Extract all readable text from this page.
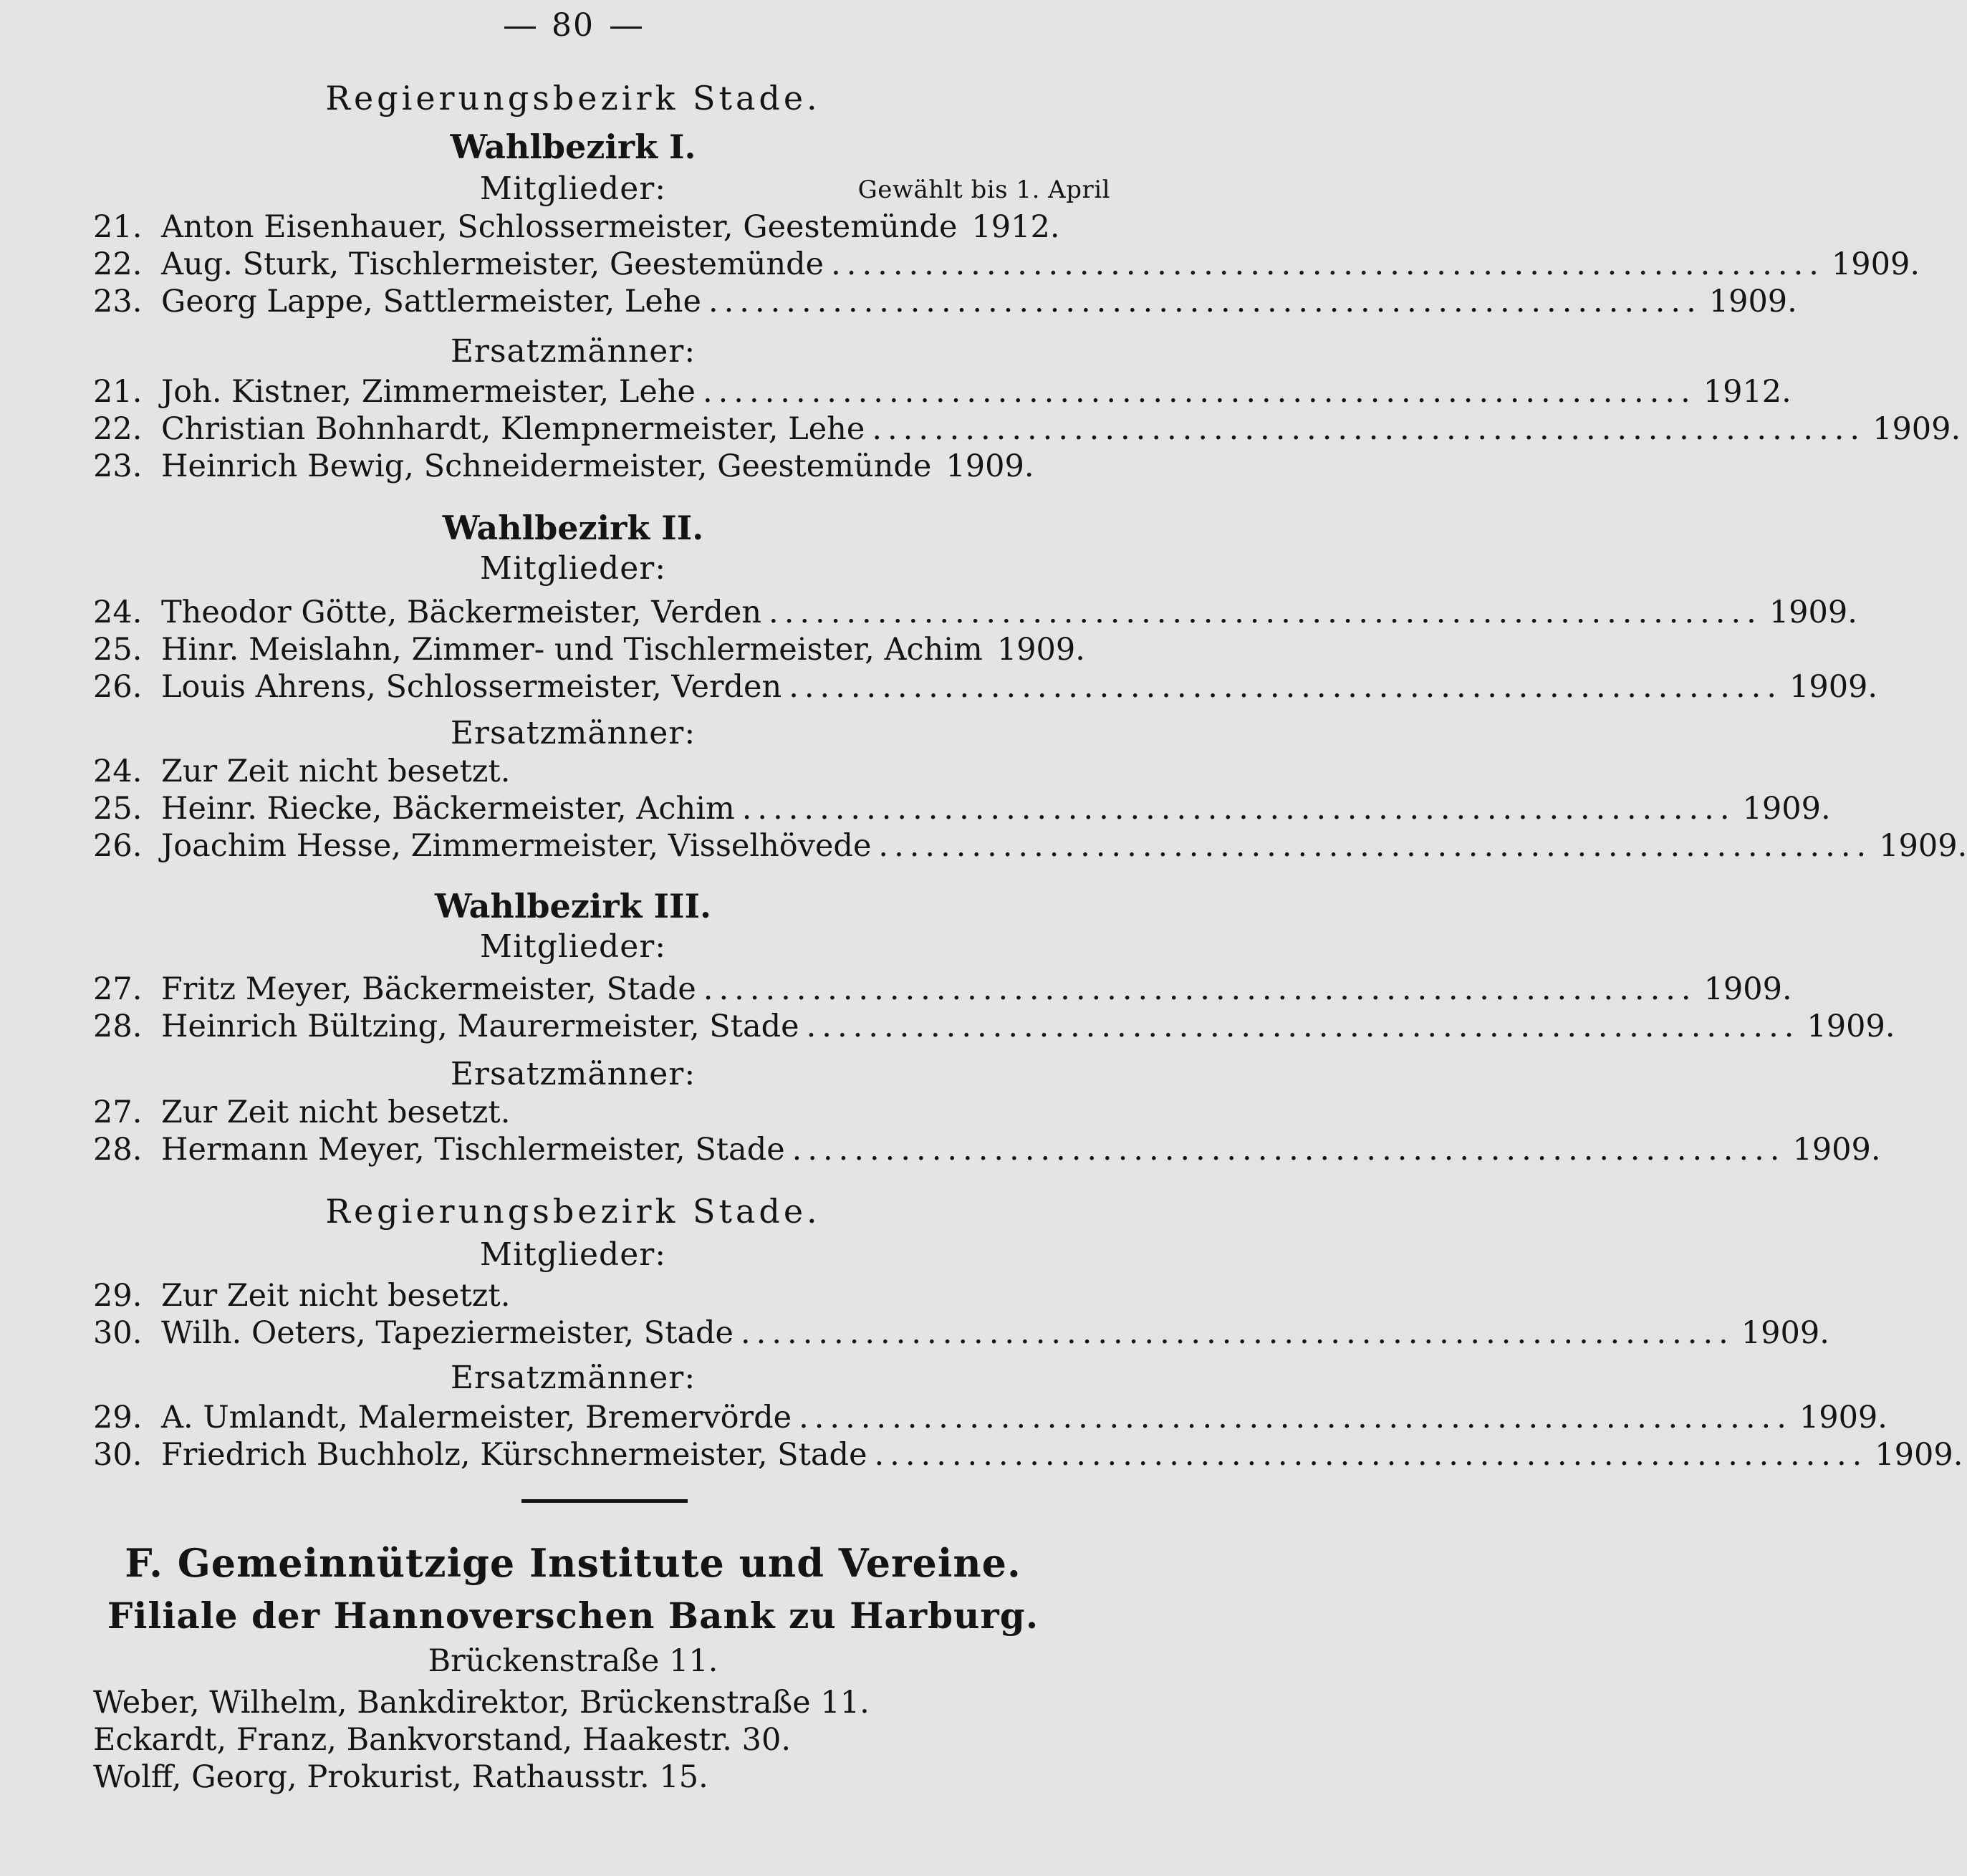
80
Regierungsbezirk Stade.
Wahlbezirk I.
Mitglieder:	Gewählt bis 1. April
21. Anton Eisenhauer, Schlossermeister, Geestemünde 1912.
22. Aug. Sturk, Tischlermeister, Geestemünde ................................................................ 1909.
23. Georg Lappe, Sattlermeister, Lehe ................................................................ 1909.
Ersatzmänner:
21. Joh. Kistner, Zimmermeister, Lehe ................................................................ 1912.
22. Christian Bohnhardt, Klempnermeister, Lehe ................................................................ 1909.
23. Heinrich Bewig, Schneidermeister, Geestemünde 1909.
Wahlbezirk II.
Mitglieder:
24. Theodor Götte, Bäckermeister, Verden ................................................................ 1909.
25. Hinr. Meislahn, Zimmer- und Tischlermeister, Achim 1909.
26. Louis Ahrens, Schlossermeister, Verden ................................................................ 1909.
Ersatzmänner:
24. Zur Zeit nicht besetzt.
25. Heinr. Riecke, Bäckermeister, Achim ................................................................ 1909.
26. Joachim Hesse, Zimmermeister, Visselhövede ................................................................ 1909.
Wahlbezirk III.
Mitglieder:
27. Fritz Meyer, Bäckermeister, Stade ................................................................ 1909.
28. Heinrich Bültzing, Maurermeister, Stade ................................................................ 1909.
Ersatzmänner:
27. Zur Zeit nicht besetzt.
28. Hermann Meyer, Tischlermeister, Stade ................................................................ 1909.
Regierungsbezirk Stade.
Mitglieder:
29. Zur Zeit nicht besetzt.
30. Wilh. Oeters, Tapeziermeister, Stade ................................................................ 1909.
Ersatzmänner:
29. A. Umlandt, Malermeister, Bremervörde ................................................................ 1909.
30. Friedrich Buchholz, Kürschnermeister, Stade ................................................................ 1909.
F. Gemeinnützige Institute und Vereine.
Filiale der Hannoverschen Bank zu Harburg.
Brückenstraße 11.
Weber, Wilhelm, Bankdirektor, Brückenstraße 11.
Eckardt, Franz, Bankvorstand, Haakestr. 30.
Wolff, Georg, Prokurist, Rathausstr. 15.
